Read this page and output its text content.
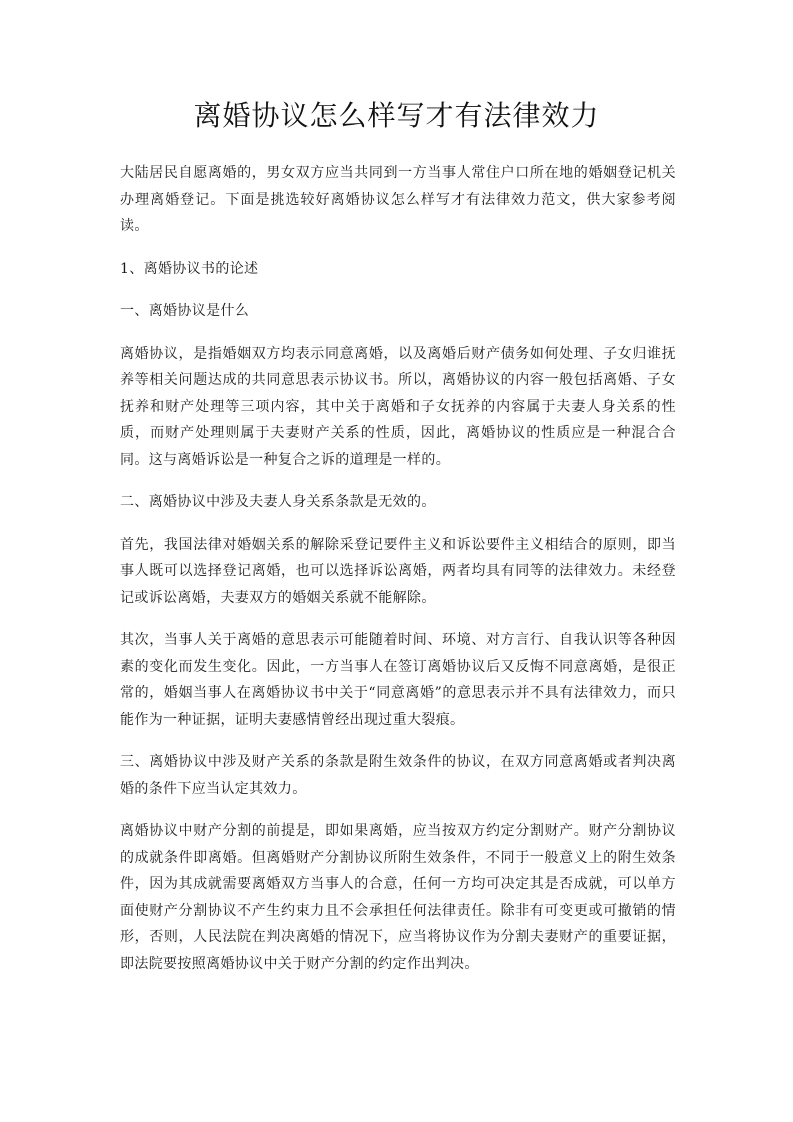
离婚协议怎么样写才有法律效力

大陆居民自愿离婚的，男女双方应当共同到一方当事人常住户口所在地的婚姻登记机关办理离婚登记。下面是挑选较好离婚协议怎么样写才有法律效力范文，供大家参考阅读。

1、离婚协议书的论述

一、离婚协议是什么

离婚协议，是指婚姻双方均表示同意离婚，以及离婚后财产债务如何处理、子女归谁抚养等相关问题达成的共同意思表示协议书。所以，离婚协议的内容一般包括离婚、子女抚养和财产处理等三项内容，其中关于离婚和子女抚养的内容属于夫妻人身关系的性质，而财产处理则属于夫妻财产关系的性质，因此，离婚协议的性质应是一种混合合同。这与离婚诉讼是一种复合之诉的道理是一样的。

二、离婚协议中涉及夫妻人身关系条款是无效的。

首先，我国法律对婚姻关系的解除采登记要件主义和诉讼要件主义相结合的原则，即当事人既可以选择登记离婚，也可以选择诉讼离婚，两者均具有同等的法律效力。未经登记或诉讼离婚，夫妻双方的婚姻关系就不能解除。

其次，当事人关于离婚的意思表示可能随着时间、环境、对方言行、自我认识等各种因素的变化而发生变化。因此，一方当事人在签订离婚协议后又反悔不同意离婚，是很正常的，婚姻当事人在离婚协议书中关于“同意离婚”的意思表示并不具有法律效力，而只能作为一种证据，证明夫妻感情曾经出现过重大裂痕。

三、离婚协议中涉及财产关系的条款是附生效条件的协议，在双方同意离婚或者判决离婚的条件下应当认定其效力。

离婚协议中财产分割的前提是，即如果离婚，应当按双方约定分割财产。财产分割协议的成就条件即离婚。但离婚财产分割协议所附生效条件，不同于一般意义上的附生效条件，因为其成就需要离婚双方当事人的合意，任何一方均可决定其是否成就，可以单方面使财产分割协议不产生约束力且不会承担任何法律责任。除非有可变更或可撤销的情形，否则，人民法院在判决离婚的情况下，应当将协议作为分割夫妻财产的重要证据，即法院要按照离婚协议中关于财产分割的约定作出判决。
